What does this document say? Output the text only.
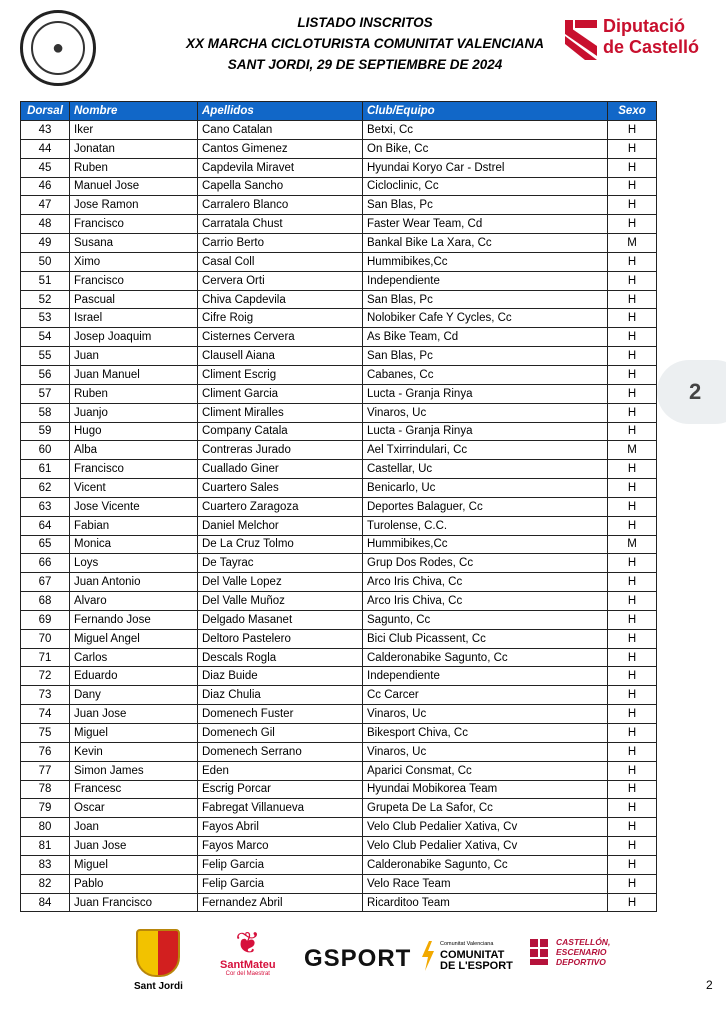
●
LISTADO INSCRITOS
XX MARCHA CICLOTURISTA COMUNITAT VALENCIANA
SANT JORDI, 29 DE SEPTIEMBRE DE 2024
Diputació
de Castelló
Dorsal	Nombre	Apellidos	Club/Equipo	Sexo
43	Iker	Cano Catalan	Betxi, Cc	H
44	Jonatan	Cantos Gimenez	On Bike, Cc	H
45	Ruben	Capdevila Miravet	Hyundai Koryo Car - Dstrel	H
46	Manuel Jose	Capella Sancho	Cicloclinic, Cc	H
47	Jose Ramon	Carralero Blanco	San Blas, Pc	H
48	Francisco	Carratala Chust	Faster Wear Team, Cd	H
49	Susana	Carrio Berto	Bankal Bike La Xara, Cc	M
50	Ximo	Casal Coll	Hummibikes,Cc	H
51	Francisco	Cervera Orti	Independiente	H
52	Pascual	Chiva Capdevila	San Blas, Pc	H
53	Israel	Cifre Roig	Nolobiker Cafe Y Cycles, Cc	H
54	Josep Joaquim	Cisternes Cervera	As Bike Team, Cd	H
55	Juan	Clausell Aiana	San Blas, Pc	H
56	Juan Manuel	Climent Escrig	Cabanes, Cc	H
57	Ruben	Climent Garcia	Lucta - Granja Rinya	H
58	Juanjo	Climent Miralles	Vinaros, Uc	H
59	Hugo	Company Catala	Lucta - Granja Rinya	H
60	Alba	Contreras Jurado	Ael Txirrindulari, Cc	M
61	Francisco	Cuallado Giner	Castellar, Uc	H
62	Vicent	Cuartero Sales	Benicarlo, Uc	H
63	Jose Vicente	Cuartero Zaragoza	Deportes Balaguer, Cc	H
64	Fabian	Daniel Melchor	Turolense, C.C.	H
65	Monica	De La Cruz Tolmo	Hummibikes,Cc	M
66	Loys	De Tayrac	Grup Dos Rodes, Cc	H
67	Juan Antonio	Del Valle Lopez	Arco Iris Chiva, Cc	H
68	Alvaro	Del Valle Muñoz	Arco Iris Chiva, Cc	H
69	Fernando Jose	Delgado Masanet	Sagunto, Cc	H
70	Miguel Angel	Deltoro Pastelero	Bici Club Picassent, Cc	H
71	Carlos	Descals Rogla	Calderonabike Sagunto, Cc	H
72	Eduardo	Diaz Buide	Independiente	H
73	Dany	Diaz Chulia	Cc Carcer	H
74	Juan Jose	Domenech Fuster	Vinaros, Uc	H
75	Miguel	Domenech Gil	Bikesport Chiva, Cc	H
76	Kevin	Domenech Serrano	Vinaros, Uc	H
77	Simon James	Eden	Aparici Consmat, Cc	H
78	Francesc	Escrig Porcar	Hyundai Mobikorea Team	H
79	Oscar	Fabregat Villanueva	Grupeta De La Safor, Cc	H
80	Joan	Fayos Abril	Velo Club Pedalier Xativa, Cv	H
81	Juan Jose	Fayos Marco	Velo Club Pedalier Xativa, Cv	H
83	Miguel	Felip Garcia	Calderonabike Sagunto, Cc	H
82	Pablo	Felip Garcia	Velo Race Team	H
84	Juan Francisco	Fernandez Abril	Ricarditoo Team	H
2
Sant Jordi
❦
SantMateu
Cor del Maestrat
GSPORT
Comunitat Valenciana
COMUNITAT
DE L'ESPORT
CASTELLÓN,
ESCENARIO
DEPORTIVO
2
